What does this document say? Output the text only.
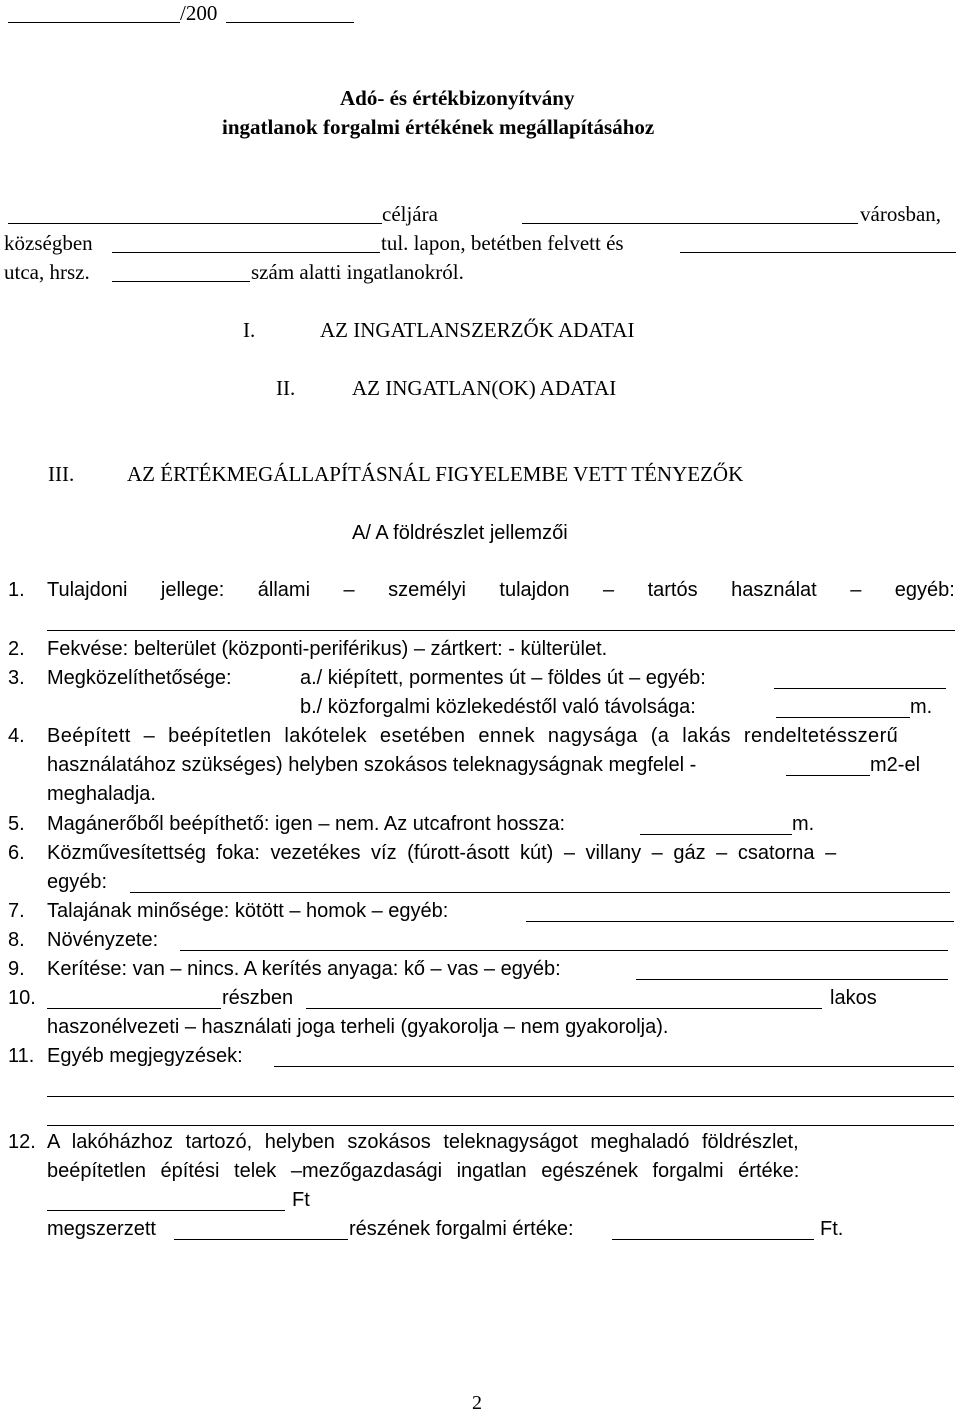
/200
Adó- és értékbizonyítvány
ingatlanok forgalmi értékének megállapításához
céljára	városban,
községben	tul. lapon, betétben felvett és
utca, hrsz.	szám alatti ingatlanokról.
I.	AZ INGATLANSZERZŐK ADATAI
II.	AZ INGATLAN(OK) ADATAI
III.	AZ ÉRTÉKMEGÁLLAPÍTÁSNÁL FIGYELEMBE VETT TÉNYEZŐK
A/ A földrészlet jellemzői
1. Tulajdoni jellege: állami – személyi tulajdon – tartós használat – egyéb:
2. Fekvése: belterület (központi-periférikus) – zártkert: - külterület.
3. Megközelíthetősége:	a./ kiépített, pormentes út – földes út – egyéb:
b./ közforgalmi közlekedéstől való távolsága:	m.
4. Beépített – beépítetlen lakótelek esetében ennek nagysága (a lakás rendeltetésszerű
használatához szükséges) helyben szokásos teleknagyságnak megfelel -	m2-el
meghaladja.
5. Magánerőből beépíthető: igen – nem. Az utcafront hossza:	m.
6. Közművesítettség foka: vezetékes víz (fúrott-ásott kút) – villany – gáz – csatorna –
egyéb:
7. Talajának minősége: kötött – homok – egyéb:
8. Növényzete:
9. Kerítése: van – nincs. A kerítés anyaga: kő – vas – egyéb:
10.	részben	lakos
haszonélvezeti – használati joga terheli (gyakorolja – nem gyakorolja).
11. Egyéb megjegyzések:
12. A lakóházhoz tartozó, helyben szokásos teleknagyságot meghaladó földrészlet,
beépítetlen építési telek –mezőgazdasági ingatlan egészének forgalmi értéke:
Ft
megszerzett	részének forgalmi értéke:	Ft.
2
